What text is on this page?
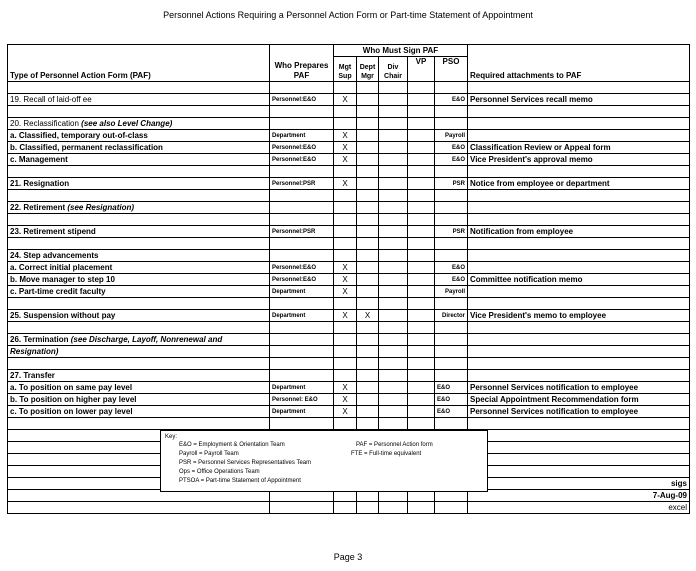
Personnel Actions Requiring a Personnel Action Form or Part-time Statement of Appointment
Type of Personnel Action Form (PAF)	Who Prepares PAF	Who Must Sign PAF					Required attachments to PAF
		Mgt Sup	Dept Mgr	Div Chair	VP	PSO	

19. Recall of laid-off ee	Personnel:E&O	X				E&O	Personnel Services recall memo

20. Reclassification (see also Level Change)							
a. Classified, temporary out-of-class	Department	X				Payroll	
b. Classified, permanent reclassification	Personnel:E&O	X				E&O	Classification Review or Appeal form
c. Management	Personnel:E&O	X				E&O	Vice President's approval memo

21. Resignation	Personnel:PSR	X				PSR	Notice from employee or department

22. Retirement (see Resignation)							

23. Retirement stipend	Personnel:PSR					PSR	Notification from employee

24. Step advancements							
a. Correct initial placement	Personnel:E&O	X				E&O	
b. Move manager to step 10	Personnel:E&O	X				E&O	Committee notification memo
c. Part-time credit faculty	Department	X				Payroll	

25. Suspension without pay	Department	X	X			Director	Vice President's memo to employee

26. Termination (see Discharge, Layoff, Nonrenewal and							
Resignation)							

27. Transfer							
a. To position on same pay level	Department	X				E&O	Personnel Services notification to employee
b. To position on higher pay level	Personnel: E&O	X				E&O	Special Appointment Recommendation form
c. To position on lower pay level	Department	X				E&O	Personnel Services notification to employee

							sigs
							7-Aug-09
							excel
Key:
E&O = Employment & Orientation Team
Payroll = Payroll Team
PSR = Personnel Services Representatives Team
Ops = Office Operations Team
PTSOA = Part-time Statement of Appointment
PAF = Personnel Action form
FTE = Full-time equivalent
Page 3
